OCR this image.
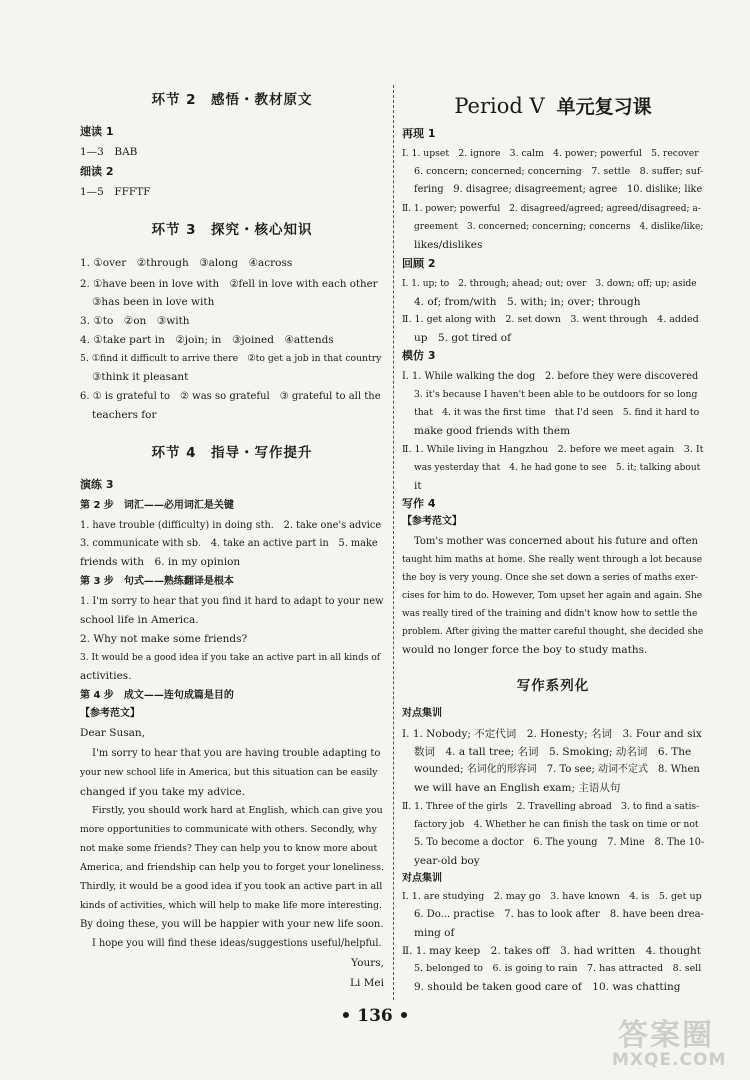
环节 2　感悟・教材原文
速读 1
1—3　BAB
细读 2
1—5　FFFTF
环节 3　探究・核心知识
1. ①over　②through　③along　④across
2. ①have been in love with　②fell in love with each other
③has been in love with
3. ①to　②on　③with
4. ①take part in　②join; in　③joined　④attends
5. ①find it difficult to arrive there　②to get a job in that country
③think it pleasant
6. ① is grateful to　② was so grateful　③ grateful to all the
teachers for
环节 4　指导・写作提升
演练 3
第 2 步　词汇——必用词汇是关键
1. have trouble (difficulty) in doing sth.　2. take one's advice
3. communicate with sb.　4. take an active part in　5. make
friends with　6. in my opinion
第 3 步　句式——熟练翻译是根本
1. I'm sorry to hear that you find it hard to adapt to your new
school life in America.
2. Why not make some friends?
3. It would be a good idea if you take an active part in all kinds of
activities.
第 4 步　成文——连句成篇是目的
【参考范文】
Dear Susan,
I'm sorry to hear that you are having trouble adapting to
your new school life in America, but this situation can be easily
changed if you take my advice.
Firstly, you should work hard at English, which can give you
more opportunities to communicate with others. Secondly, why
not make some friends? They can help you to know more about
America, and friendship can help you to forget your loneliness.
Thirdly, it would be a good idea if you took an active part in all
kinds of activities, which will help to make life more interesting.
By doing these, you will be happier with your new life soon.
I hope you will find these ideas/suggestions useful/helpful.
Yours,
Li Mei
Period Ⅴ 单元复习课
再现 1
Ⅰ. 1. upset　2. ignore　3. calm　4. power; powerful　5. recover
6. concern; concerned; concerning　7. settle　8. suffer; suf-
fering　9. disagree; disagreement; agree　10. dislike; like
Ⅱ. 1. power; powerful　2. disagreed/agreed; agreed/disagreed; a-
greement　3. concerned; concerning; concerns　4. dislike/like;
likes/dislikes
回顾 2
Ⅰ. 1. up; to　2. through; ahead; out; over　3. down; off; up; aside
4. of; from/with　5. with; in; over; through
Ⅱ. 1. get along with　2. set down　3. went through　4. added
up　5. got tired of
模仿 3
Ⅰ. 1. While walking the dog　2. before they were discovered
3. it's because I haven't been able to be outdoors for so long
that　4. it was the first time　that I'd seen　5. find it hard to
make good friends with them
Ⅱ. 1. While living in Hangzhou　2. before we meet again　3. It
was yesterday that　4. he had gone to see　5. it; talking about
it
写作 4
【参考范文】
Tom's mother was concerned about his future and often
taught him maths at home. She really went through a lot because
the boy is very young. Once she set down a series of maths exer-
cises for him to do. However, Tom upset her again and again. She
was really tired of the training and didn't know how to settle the
problem. After giving the matter careful thought, she decided she
would no longer force the boy to study maths.
写作系列化
对点集训
Ⅰ. 1. Nobody; 不定代词　2. Honesty; 名词　3. Four and six
数词　4. a tall tree; 名词　5. Smoking; 动名词　6. The
wounded; 名词化的形容词　7. To see; 动词不定式　8. When
we will have an English exam; 主语从句
Ⅱ. 1. Three of the girls　2. Travelling abroad　3. to find a satis-
factory job　4. Whether he can finish the task on time or not
5. To become a doctor　6. The young　7. Mine　8. The 10-
year-old boy
对点集训
Ⅰ. 1. are studying　2. may go　3. have known　4. is　5. get up
6. Do... practise　7. has to look after　8. have been drea-
ming of
Ⅱ. 1. may keep　2. takes off　3. had written　4. thought
5. belonged to　6. is going to rain　7. has attracted　8. sell
9. should be taken good care of　10. was chatting
• 136 •
答案圈
MXQE.COM
